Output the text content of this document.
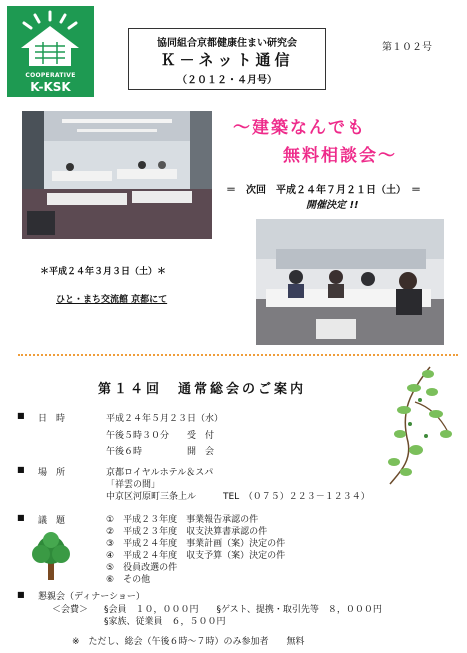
COOPERATIVE
K-KSK
協同組合京都健康住まい研究会
Ｋ－ネット通信
（２０１２・４月号）
第１０２号
～建築なんでも
無料相談会～
＝　次回　平成２４年７月２１日（土）　＝
開催決定 !!
＊平成２４年３月３日（土）＊
ひと・まち交流館 京都にて
第１４回　通常総会のご案内
■ 日　時	平成２４年５月２３日（水）
午後５時３０分　　受　付
午後６時　　　　　開　会
■ 場　所	京都ロイヤルホテル＆スパ
「祥雲の間」
中京区河原町三条上ル　　　TEL　（０７５）２２３－１２３４）
■ 議　題	①　平成２３年度　事業報告承認の件
②　平成２３年度　収支決算書承認の件
③　平成２４年度　事業計画（案）決定の件
④　平成２４年度　収支予算（案）決定の件
⑤　役員改選の件
⑥　その他
■ 懇親会（ディナーショー）
＜会費＞ §会員　１０，０００円　　§ゲスト、提携・取引先等　８，０００円
§家族、従業員　６，５００円
※　ただし、総会（午後６時～７時）のみ参加者　　無料
